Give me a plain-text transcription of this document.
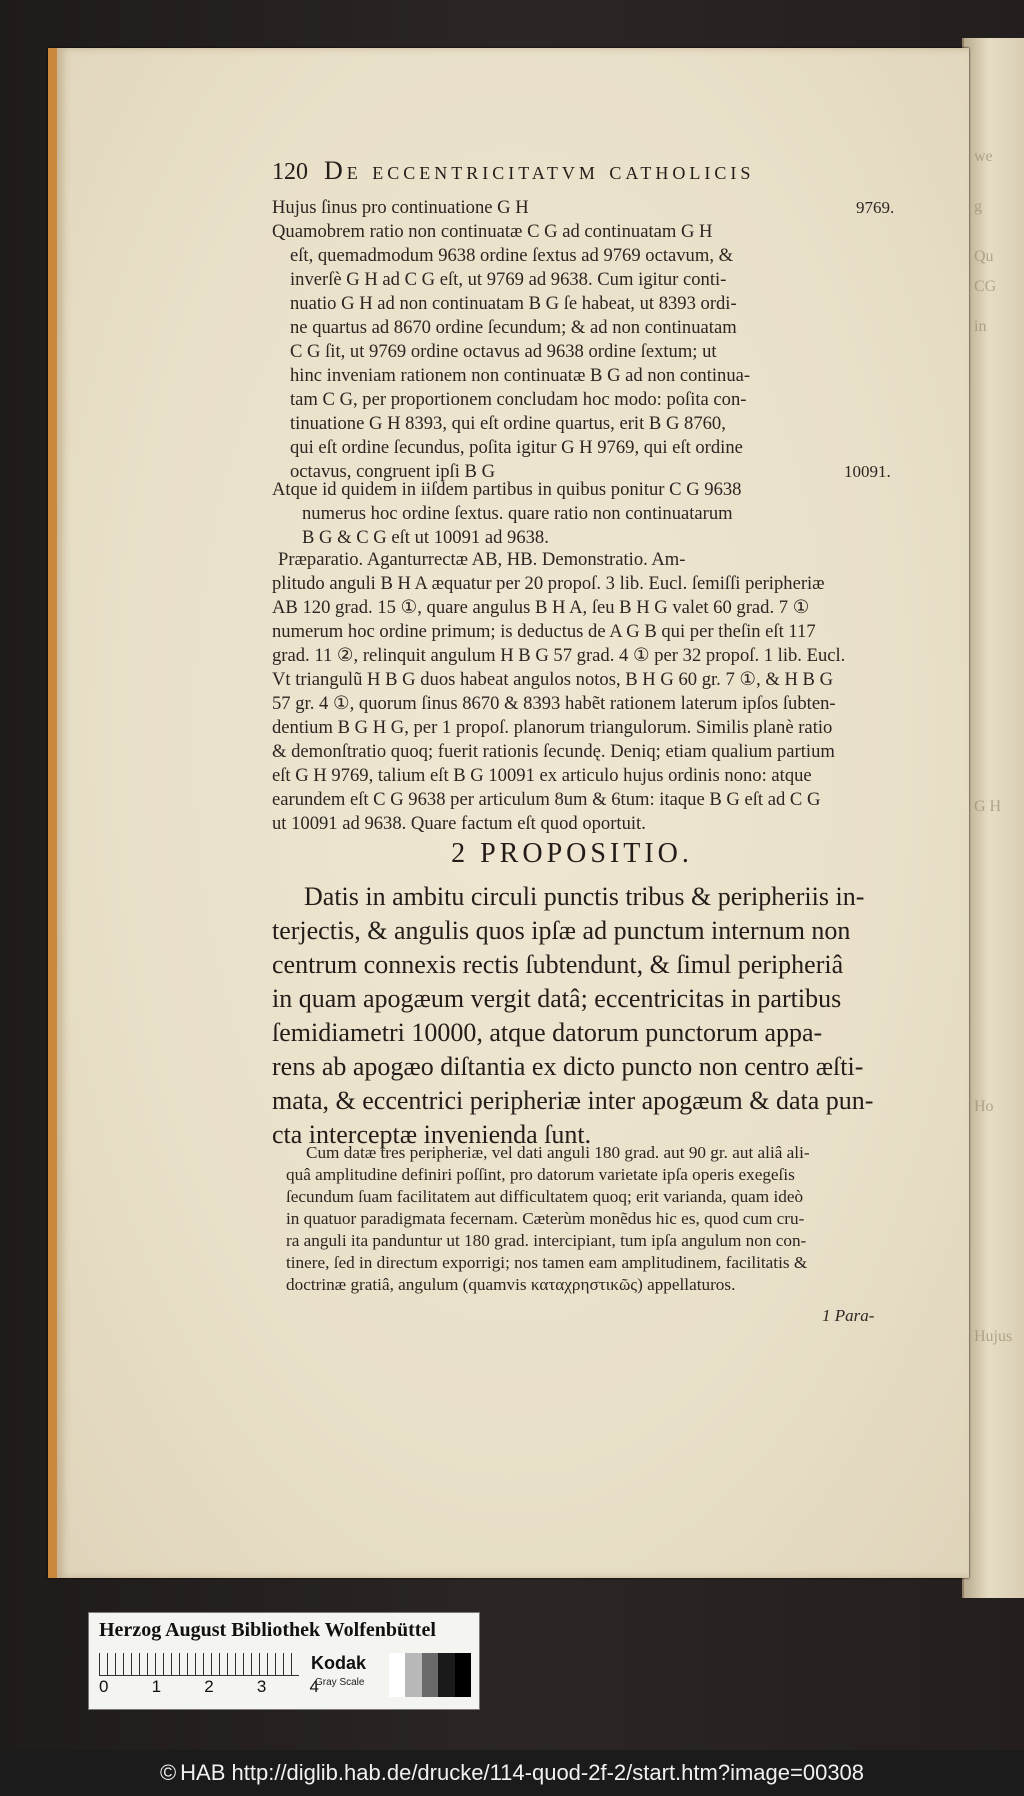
we
g
Qu
CG
in
G H
Ho
Hujus
120 De eccentricitatvm catholicis
Hujus ſinus pro continuatione G H
Quamobrem ratio non continuatæ C G ad continuatam G H
eſt, quemadmodum 9638 ordine ſextus ad 9769 octavum, &
inverſè G H ad C G eſt, ut 9769 ad 9638. Cum igitur conti-
nuatio G H ad non continuatam B G ſe habeat, ut 8393 ordi-
ne quartus ad 8670 ordine ſecundum; & ad non continuatam
C G ſit, ut 9769 ordine octavus ad 9638 ordine ſextum; ut
hinc inveniam rationem non continuatæ B G ad non continua-
tam C G, per proportionem concludam hoc modo: poſita con-
tinuatione G H 8393, qui eſt ordine quartus, erit B G 8760,
qui eſt ordine ſecundus, poſita igitur G H 9769, qui eſt ordine
octavus, congruent ipſi B G
9769.
10091.
Atque id quidem in iiſdem partibus in quibus ponitur C G 9638
numerus hoc ordine ſextus. quare ratio non continuatarum
B G & C G eſt ut 10091 ad 9638.
Præparatio. Aganturrectæ AB, HB. Demonstratio. Am-
plitudo anguli B H A æquatur per 20 propoſ. 3 lib. Eucl. ſemiſſi peripheriæ
AB 120 grad. 15 ①, quare angulus B H A, ſeu B H G valet 60 grad. 7 ①
numerum hoc ordine primum; is deductus de A G B qui per theſin eſt 117
grad. 11 ②, relinquit angulum H B G 57 grad. 4 ① per 32 propoſ. 1 lib. Eucl.
Vt triangulũ H B G duos habeat angulos notos, B H G 60 gr. 7 ①, & H B G
57 gr. 4 ①, quorum ſinus 8670 & 8393 habẽt rationem laterum ipſos ſubten-
dentium B G H G, per 1 propoſ. planorum triangulorum. Similis planè ratio
& demonſtratio quoq; fuerit rationis ſecundę. Deniq; etiam qualium partium
eſt G H 9769, talium eſt B G 10091 ex articulo hujus ordinis nono: atque
earundem eſt C G 9638 per articulum 8um & 6tum: itaque B G eſt ad C G
ut 10091 ad 9638. Quare factum eſt quod oportuit.
2 PROPOSITIO.
Datis in ambitu circuli punctis tribus & peripheriis in-
terjectis, & angulis quos ipſæ ad punctum internum non
centrum connexis rectis ſubtendunt, & ſimul peripheriâ
in quam apogæum vergit datâ; eccentricitas in partibus
ſemidiametri 10000, atque datorum punctorum appa-
rens ab apogæo diſtantia ex dicto puncto non centro æſti-
mata, & eccentrici peripheriæ inter apogæum & data pun-
cta interceptæ invenienda ſunt.
Cum datæ tres peripheriæ, vel dati anguli 180 grad. aut 90 gr. aut aliâ ali-
quâ amplitudine definiri poſſint, pro datorum varietate ipſa operis exegeſis
ſecundum ſuam facilitatem aut difficultatem quoq; erit varianda, quam ideò
in quatuor paradigmata fecernam. Cæterùm monẽdus hic es, quod cum cru-
ra anguli ita panduntur ut 180 grad. intercipiant, tum ipſa angulum non con-
tinere, ſed in directum exporrigi; nos tamen eam amplitudinem, facilitatis &
doctrinæ gratiâ, angulum (quamvis καταχρηστικῶς) appellaturos.
1 Para-
Herzog August Bibliothek Wolfenbüttel
0	1	2	3	4
Kodak
Gray Scale
© HAB http://diglib.hab.de/drucke/114-quod-2f-2/start.htm?image=00308
